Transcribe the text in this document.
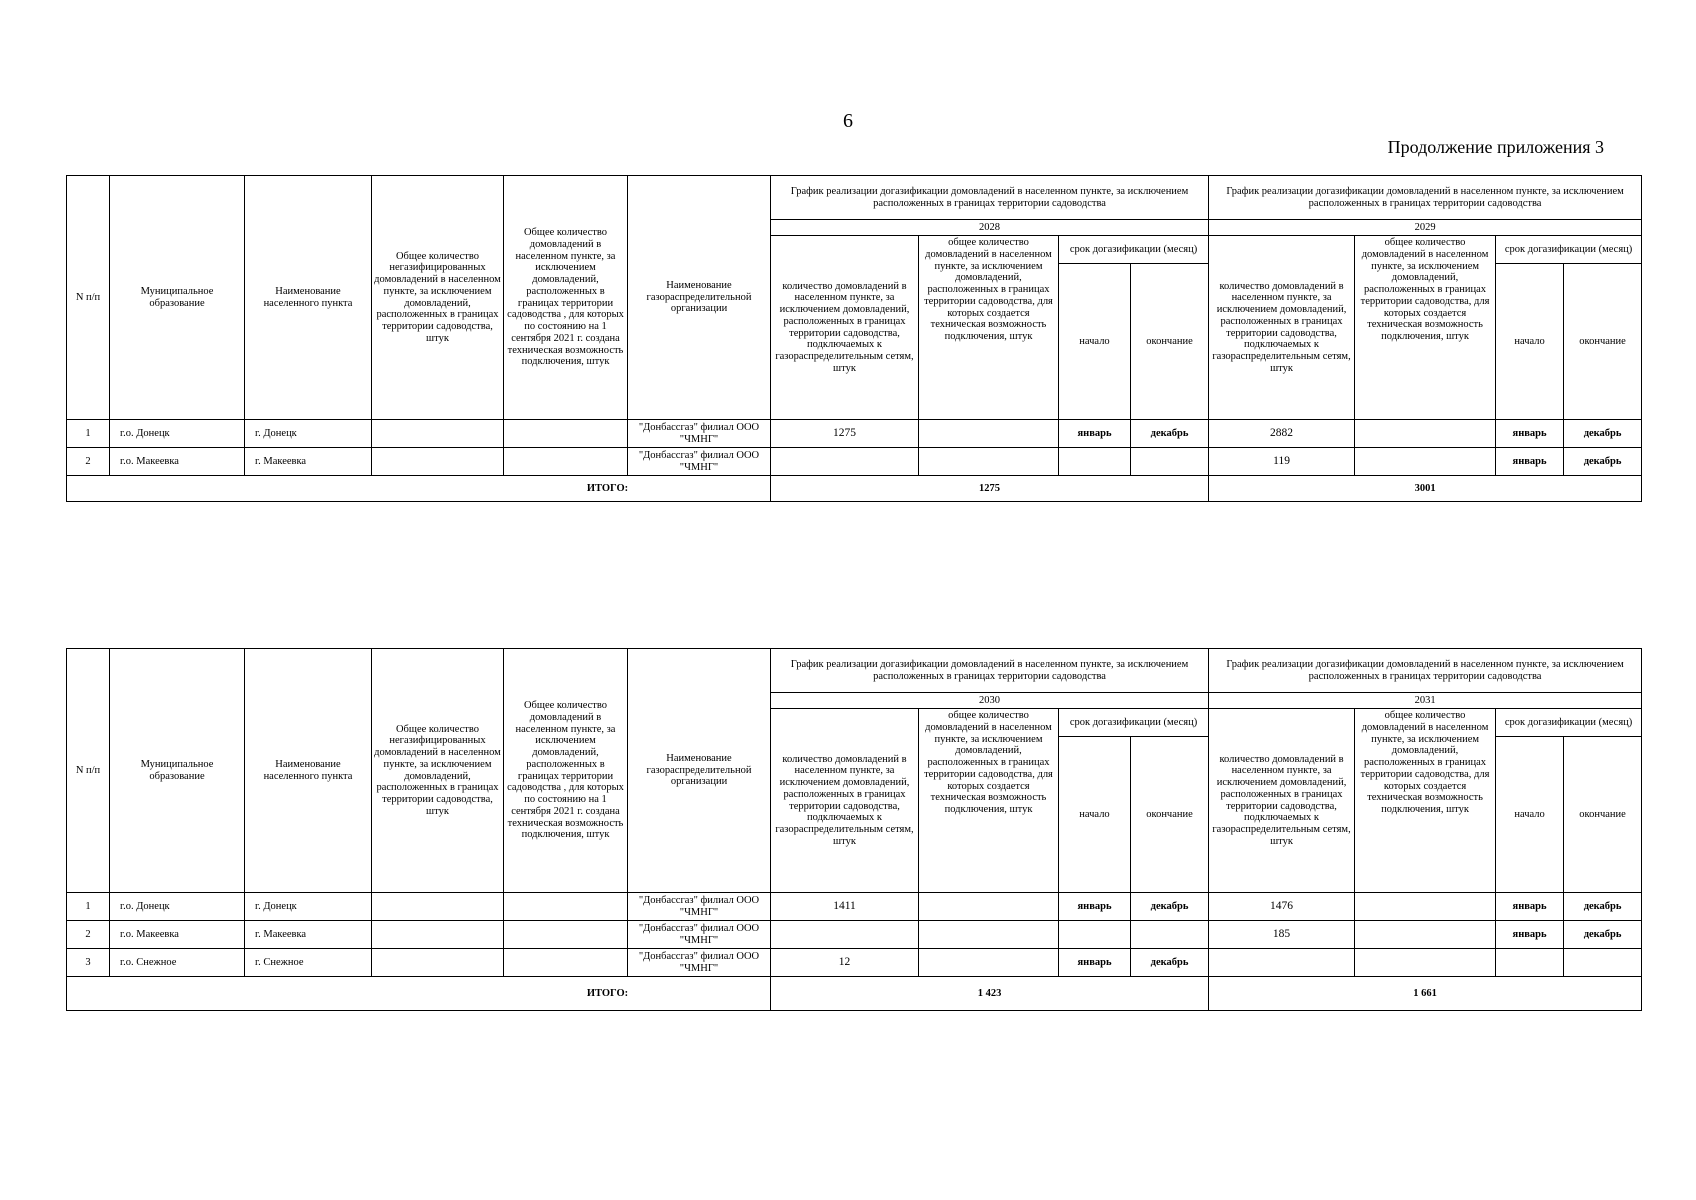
6
Продолжение приложения 3
N п/п	Муниципальное образование	Наименование населенного пункта	Общее количество негазифицированных домовладений в населенном пункте, за исключением домовладений, расположенных в границах территории садоводства, штук	Общее количество домовладений в населенном пункте, за исключением домовладений, расположенных в границах территории садоводства , для которых по состоянию на 1 сентября 2021 г. создана техническая возможность подключения, штук	Наименование газораспределительной организации	График реализации догазификации домовладений в населенном пункте, за исключением расположенных в границах территории садоводства				График реализации догазификации домовладений в населенном пункте, за исключением расположенных в границах территории садоводства			
						2028				2029			
						количество домовладений в населенном пункте, за исключением домовладений, расположенных в границах территории садоводства, подключаемых к газораспределительным сетям, штук	общее количество домовладений в населенном пункте, за исключением домовладений, расположенных в границах территории садоводства, для которых создается техническая возможность подключения, штук	срок догазификации (месяц)		количество домовладений в населенном пункте, за исключением домовладений, расположенных в границах территории садоводства, подключаемых к газораспределительным сетям, штук	общее количество домовладений в населенном пункте, за исключением домовладений, расположенных в границах территории садоводства, для которых создается техническая возможность подключения, штук	срок догазификации (месяц)	
								начало	окончание			начало	окончание
1	г.о. Донецк	г. Донецк			"Донбассгаз" филиал ООО "ЧМНГ"	1275		январь	декабрь	2882		январь	декабрь
2	г.о. Макеевка	г. Макеевка			"Донбассгаз" филиал ООО "ЧМНГ"					119		январь	декабрь
ИТОГО:						1275				3001			
N п/п	Муниципальное образование	Наименование населенного пункта	Общее количество негазифицированных домовладений в населенном пункте, за исключением домовладений, расположенных в границах территории садоводства, штук	Общее количество домовладений в населенном пункте, за исключением домовладений, расположенных в границах территории садоводства , для которых по состоянию на 1 сентября 2021 г. создана техническая возможность подключения, штук	Наименование газораспределительной организации	График реализации догазификации домовладений в населенном пункте, за исключением расположенных в границах территории садоводства				График реализации догазификации домовладений в населенном пункте, за исключением расположенных в границах территории садоводства			
						2030				2031			
						количество домовладений в населенном пункте, за исключением домовладений, расположенных в границах территории садоводства, подключаемых к газораспределительным сетям, штук	общее количество домовладений в населенном пункте, за исключением домовладений, расположенных в границах территории садоводства, для которых создается техническая возможность подключения, штук	срок догазификации (месяц)		количество домовладений в населенном пункте, за исключением домовладений, расположенных в границах территории садоводства, подключаемых к газораспределительным сетям, штук	общее количество домовладений в населенном пункте, за исключением домовладений, расположенных в границах территории садоводства, для которых создается техническая возможность подключения, штук	срок догазификации (месяц)	
								начало	окончание			начало	окончание
1	г.о. Донецк	г. Донецк			"Донбассгаз" филиал ООО "ЧМНГ"	1411		январь	декабрь	1476		январь	декабрь
2	г.о. Макеевка	г. Макеевка			"Донбассгаз" филиал ООО "ЧМНГ"					185		январь	декабрь
3	г.о. Снежное	г. Снежное			"Донбассгаз" филиал ООО "ЧМНГ"	12		январь	декабрь				
ИТОГО:						1 423				1 661			
